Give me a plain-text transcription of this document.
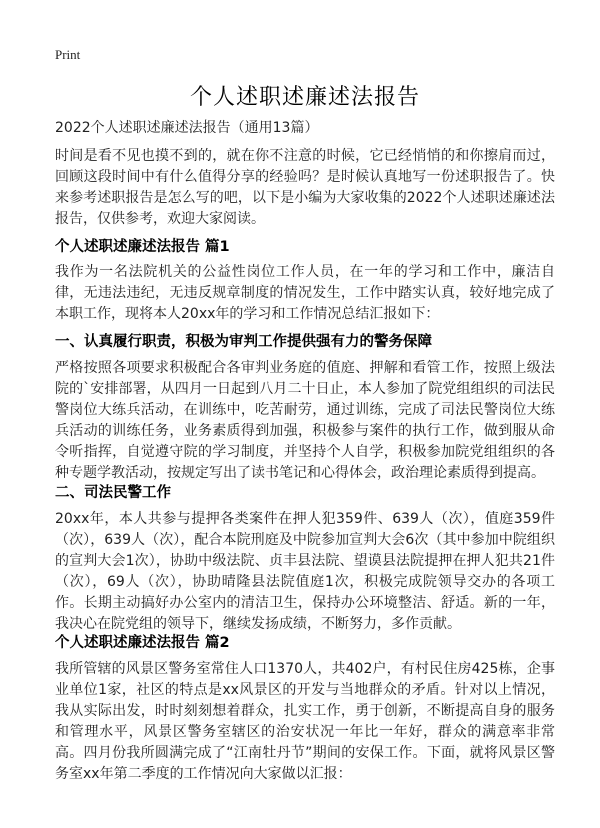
Print
个人述职述廉述法报告
2022个人述职述廉述法报告（通用13篇）

时间是看不见也摸不到的，就在你不注意的时候，它已经悄悄的和你擦肩而过，回顾这段时间中有什么值得分享的经验吗？是时候认真地写一份述职报告了。快来参考述职报告是怎么写的吧，以下是小编为大家收集的2022个人述职述廉述法报告，仅供参考，欢迎大家阅读。

个人述职述廉述法报告 篇1

我作为一名法院机关的公益性岗位工作人员，在一年的学习和工作中，廉洁自律，无违法违纪，无违反规章制度的情况发生，工作中踏实认真，较好地完成了本职工作，现将本人20xx年的学习和工作情况总结汇报如下：

一、认真履行职责，积极为审判工作提供强有力的警务保障

严格按照各项要求积极配合各审判业务庭的值庭、押解和看管工作，按照上级法院的`安排部署，从四月一日起到八月二十日止，本人参加了院党组组织的司法民警岗位大练兵活动，在训练中，吃苦耐劳，通过训练，完成了司法民警岗位大练兵活动的训练任务，业务素质得到加强，积极参与案件的执行工作，做到服从命令听指挥，自觉遵守院的学习制度，并坚持个人自学，积极参加院党组组织的各种专题学教活动，按规定写出了读书笔记和心得体会，政治理论素质得到提高。

二、司法民警工作

20xx年，本人共参与提押各类案件在押人犯359件、639人（次），值庭359件（次），639人（次），配合本院刑庭及中院参加宣判大会6次（其中参加中院组织的宣判大会1次），协助中级法院、贞丰县法院、望谟县法院提押在押人犯共21件（次），69人（次），协助晴隆县法院值庭1次，积极完成院领导交办的各项工作。长期主动搞好办公室内的清洁卫生，保持办公环境整洁、舒适。新的一年，我决心在院党组的领导下，继续发扬成绩，不断努力，多作贡献。

个人述职述廉述法报告 篇2

我所管辖的风景区警务室常住人口1370人，共402户，有村民住房425栋，企事业单位1家，社区的特点是xx风景区的开发与当地群众的矛盾。针对以上情况，我从实际出发，时时刻刻想着群众，扎实工作，勇于创新，不断提高自身的服务和管理水平，风景区警务室辖区的治安状况一年比一年好，群众的满意率非常高。四月份我所圆满完成了“江南牡丹节”期间的安保工作。下面，就将风景区警务室xx年第二季度的工作情况向大家做以汇报：
